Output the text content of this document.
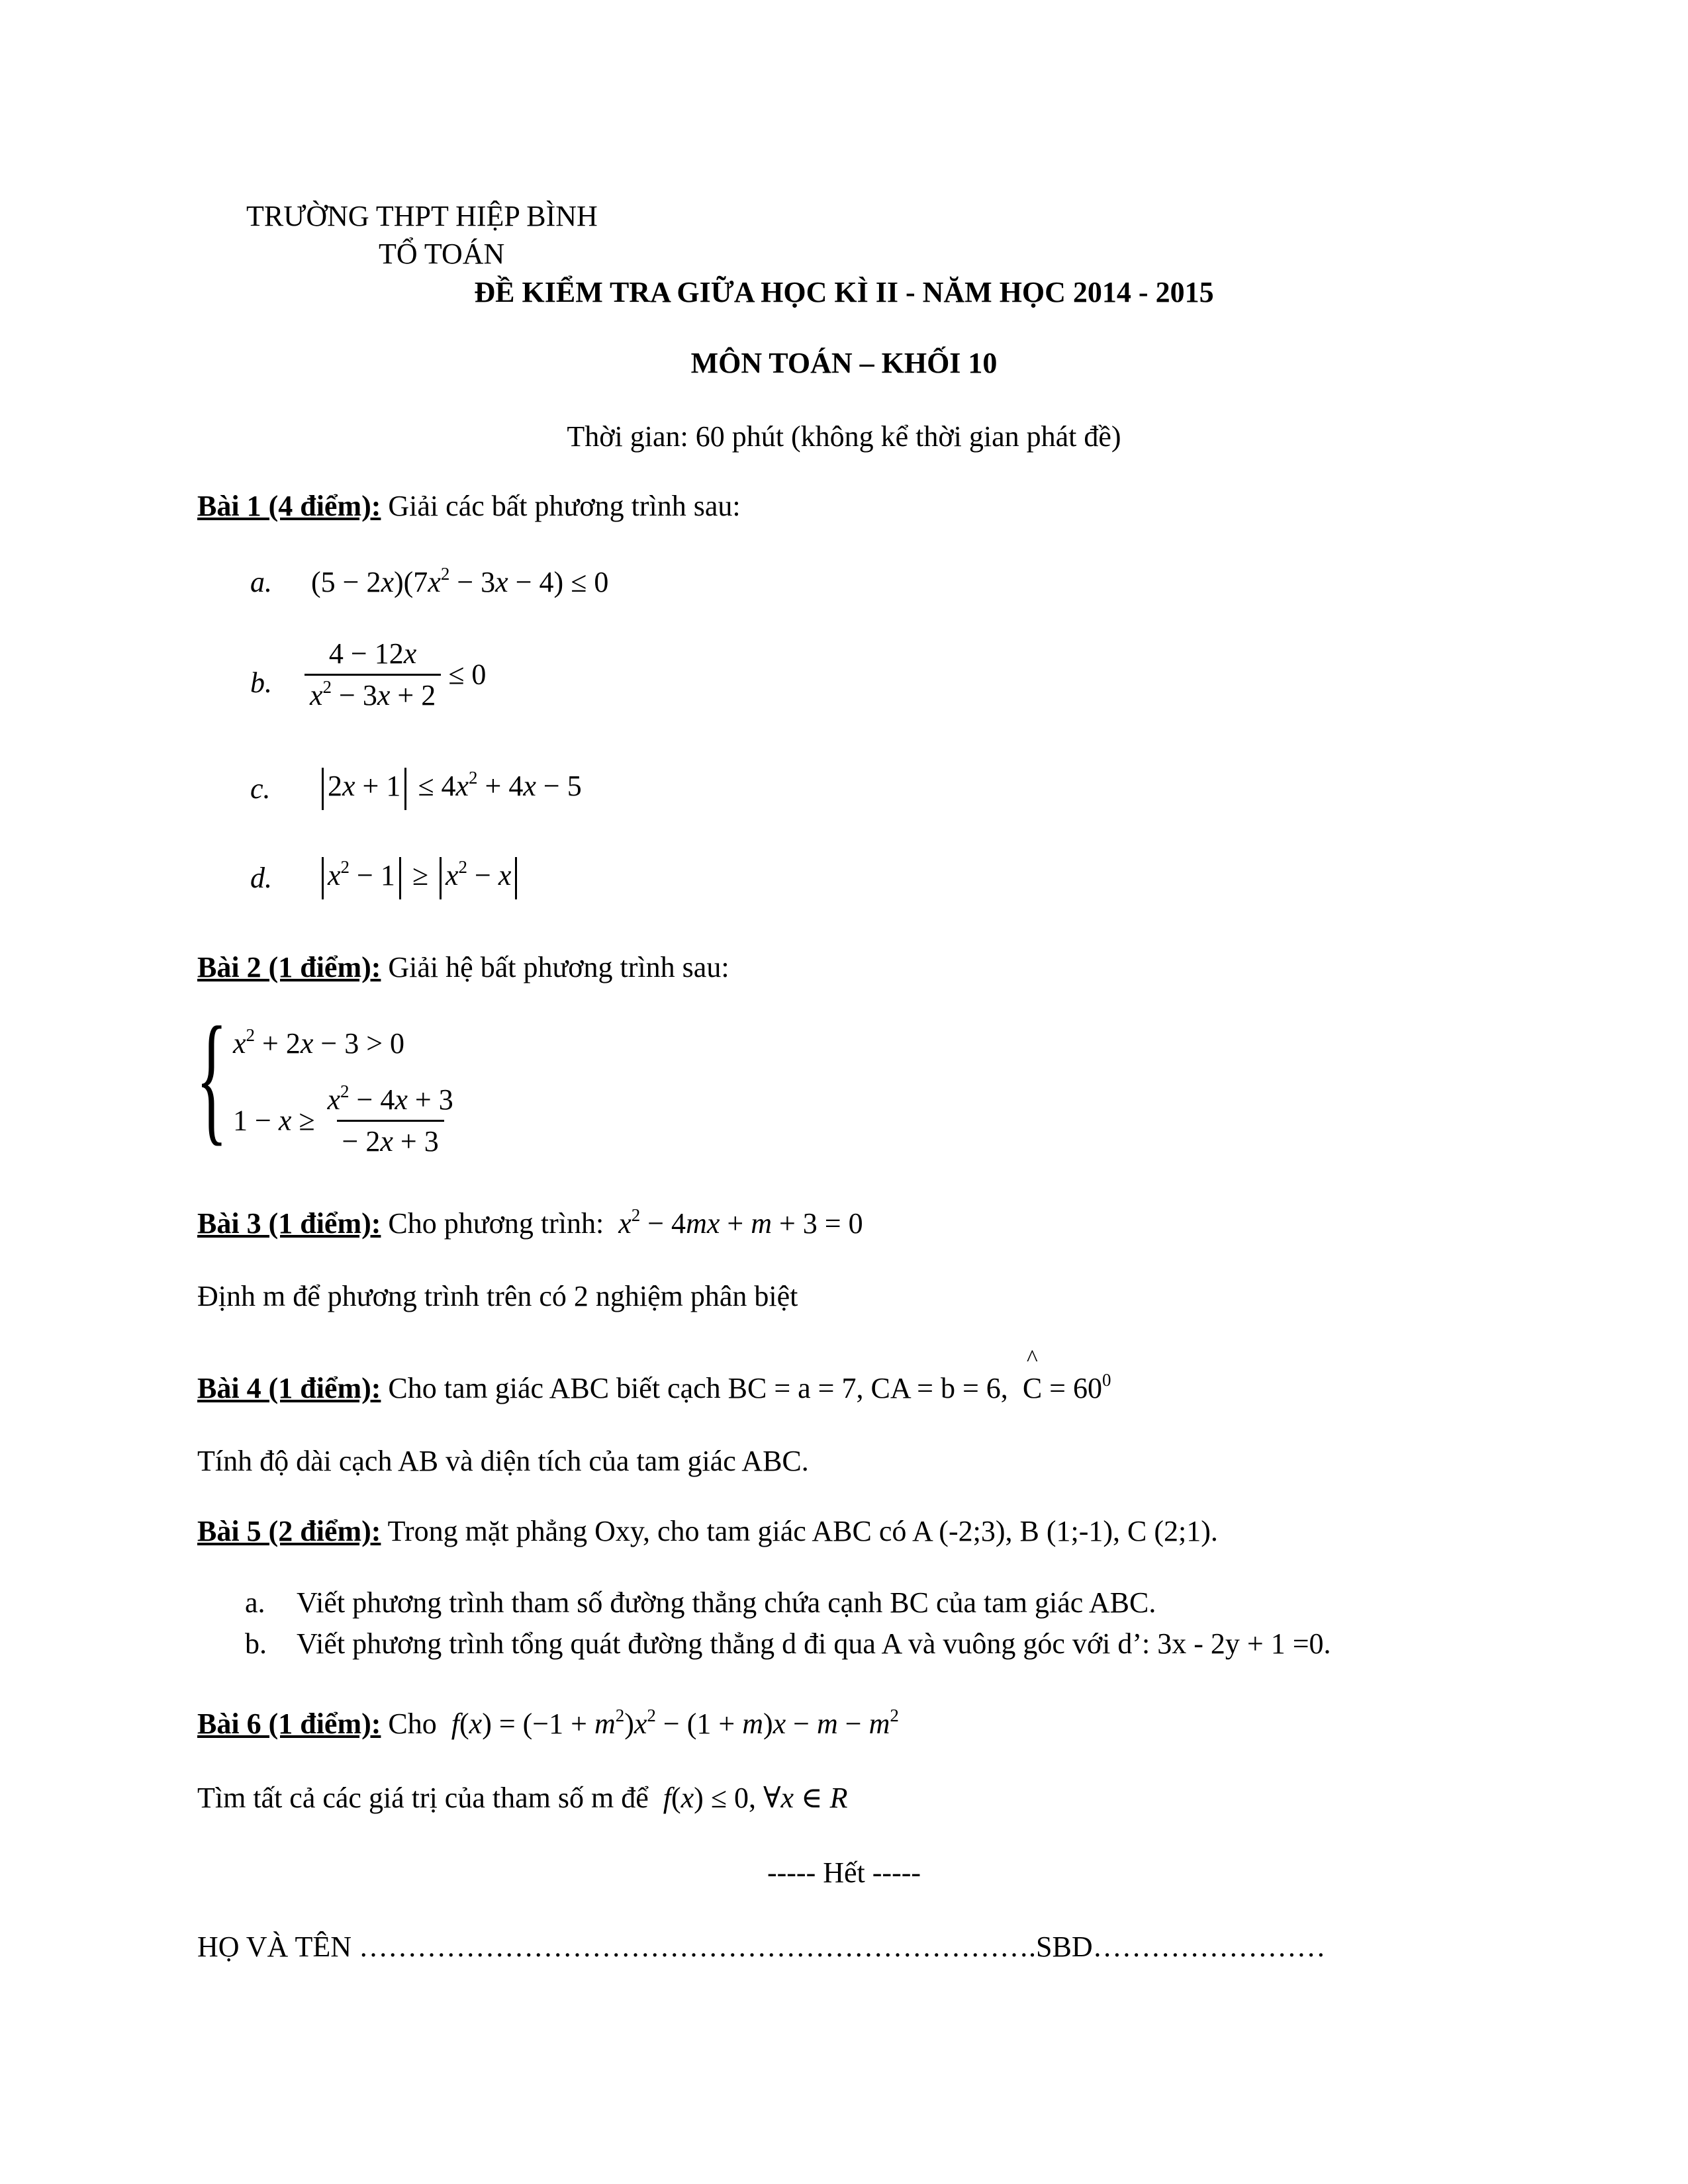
TRƯỜNG THPT HIỆP BÌNH
TỔ TOÁN
ĐỀ KIỂM TRA GIỮA HỌC KÌ II - NĂM HỌC 2014 - 2015
MÔN TOÁN – KHỐI 10
Thời gian: 60 phút (không kể thời gian phát đề)
Bài 1 (4 điểm): Giải các bất phương trình sau:
a. $(5 - 2x)(7x^2 - 3x - 4) \le 0$
b. $\frac{4 - 12x}{x^2 - 3x + 2} \le 0$
c.	$2x + 1 \le 4x^2 + 4x - 5$
d.	$x^2 - 1 \ge x^2 - x$
Bài 2 (1 điểm): Giải hệ bất phương trình sau:
{ $x^2 + 2x - 3 > 0$
$1 - x \ge \frac{x^2 - 4x + 3}{- 2x + 3}$
Bài 3 (1 điểm): Cho phương trình: $x^2 - 4mx + m + 3 = 0$
Định m để phương trình trên có 2 nghiệm phân biệt
Bài 4 (1 điểm): Cho tam giác ABC biết cạch BC = a = 7, CA = b = 6, C
^
= $60^0$
Tính độ dài cạch AB và diện tích của tam giác ABC.
Bài 5 (2 điểm): Trong mặt phẳng Oxy, cho tam giác ABC có A (-2;3), B (1;-1), C (2;1).
a. Viết phương trình tham số đường thẳng chứa cạnh BC của tam giác ABC.
b. Viết phương trình tổng quát đường thẳng d đi qua A và vuông góc với d’: 3x - 2y + 1 =0.
Bài 6 (1 điểm): Cho $f(x) = (-1 + m^2)x^2 - (1 + m)x - m - m^2$
Tìm tất cả các giá trị của tham số m để f(x) ≤ 0, ∀x ∈ R
----- Hết -----
HỌ VÀ TÊN …………………………………………………………….SBD……………………
